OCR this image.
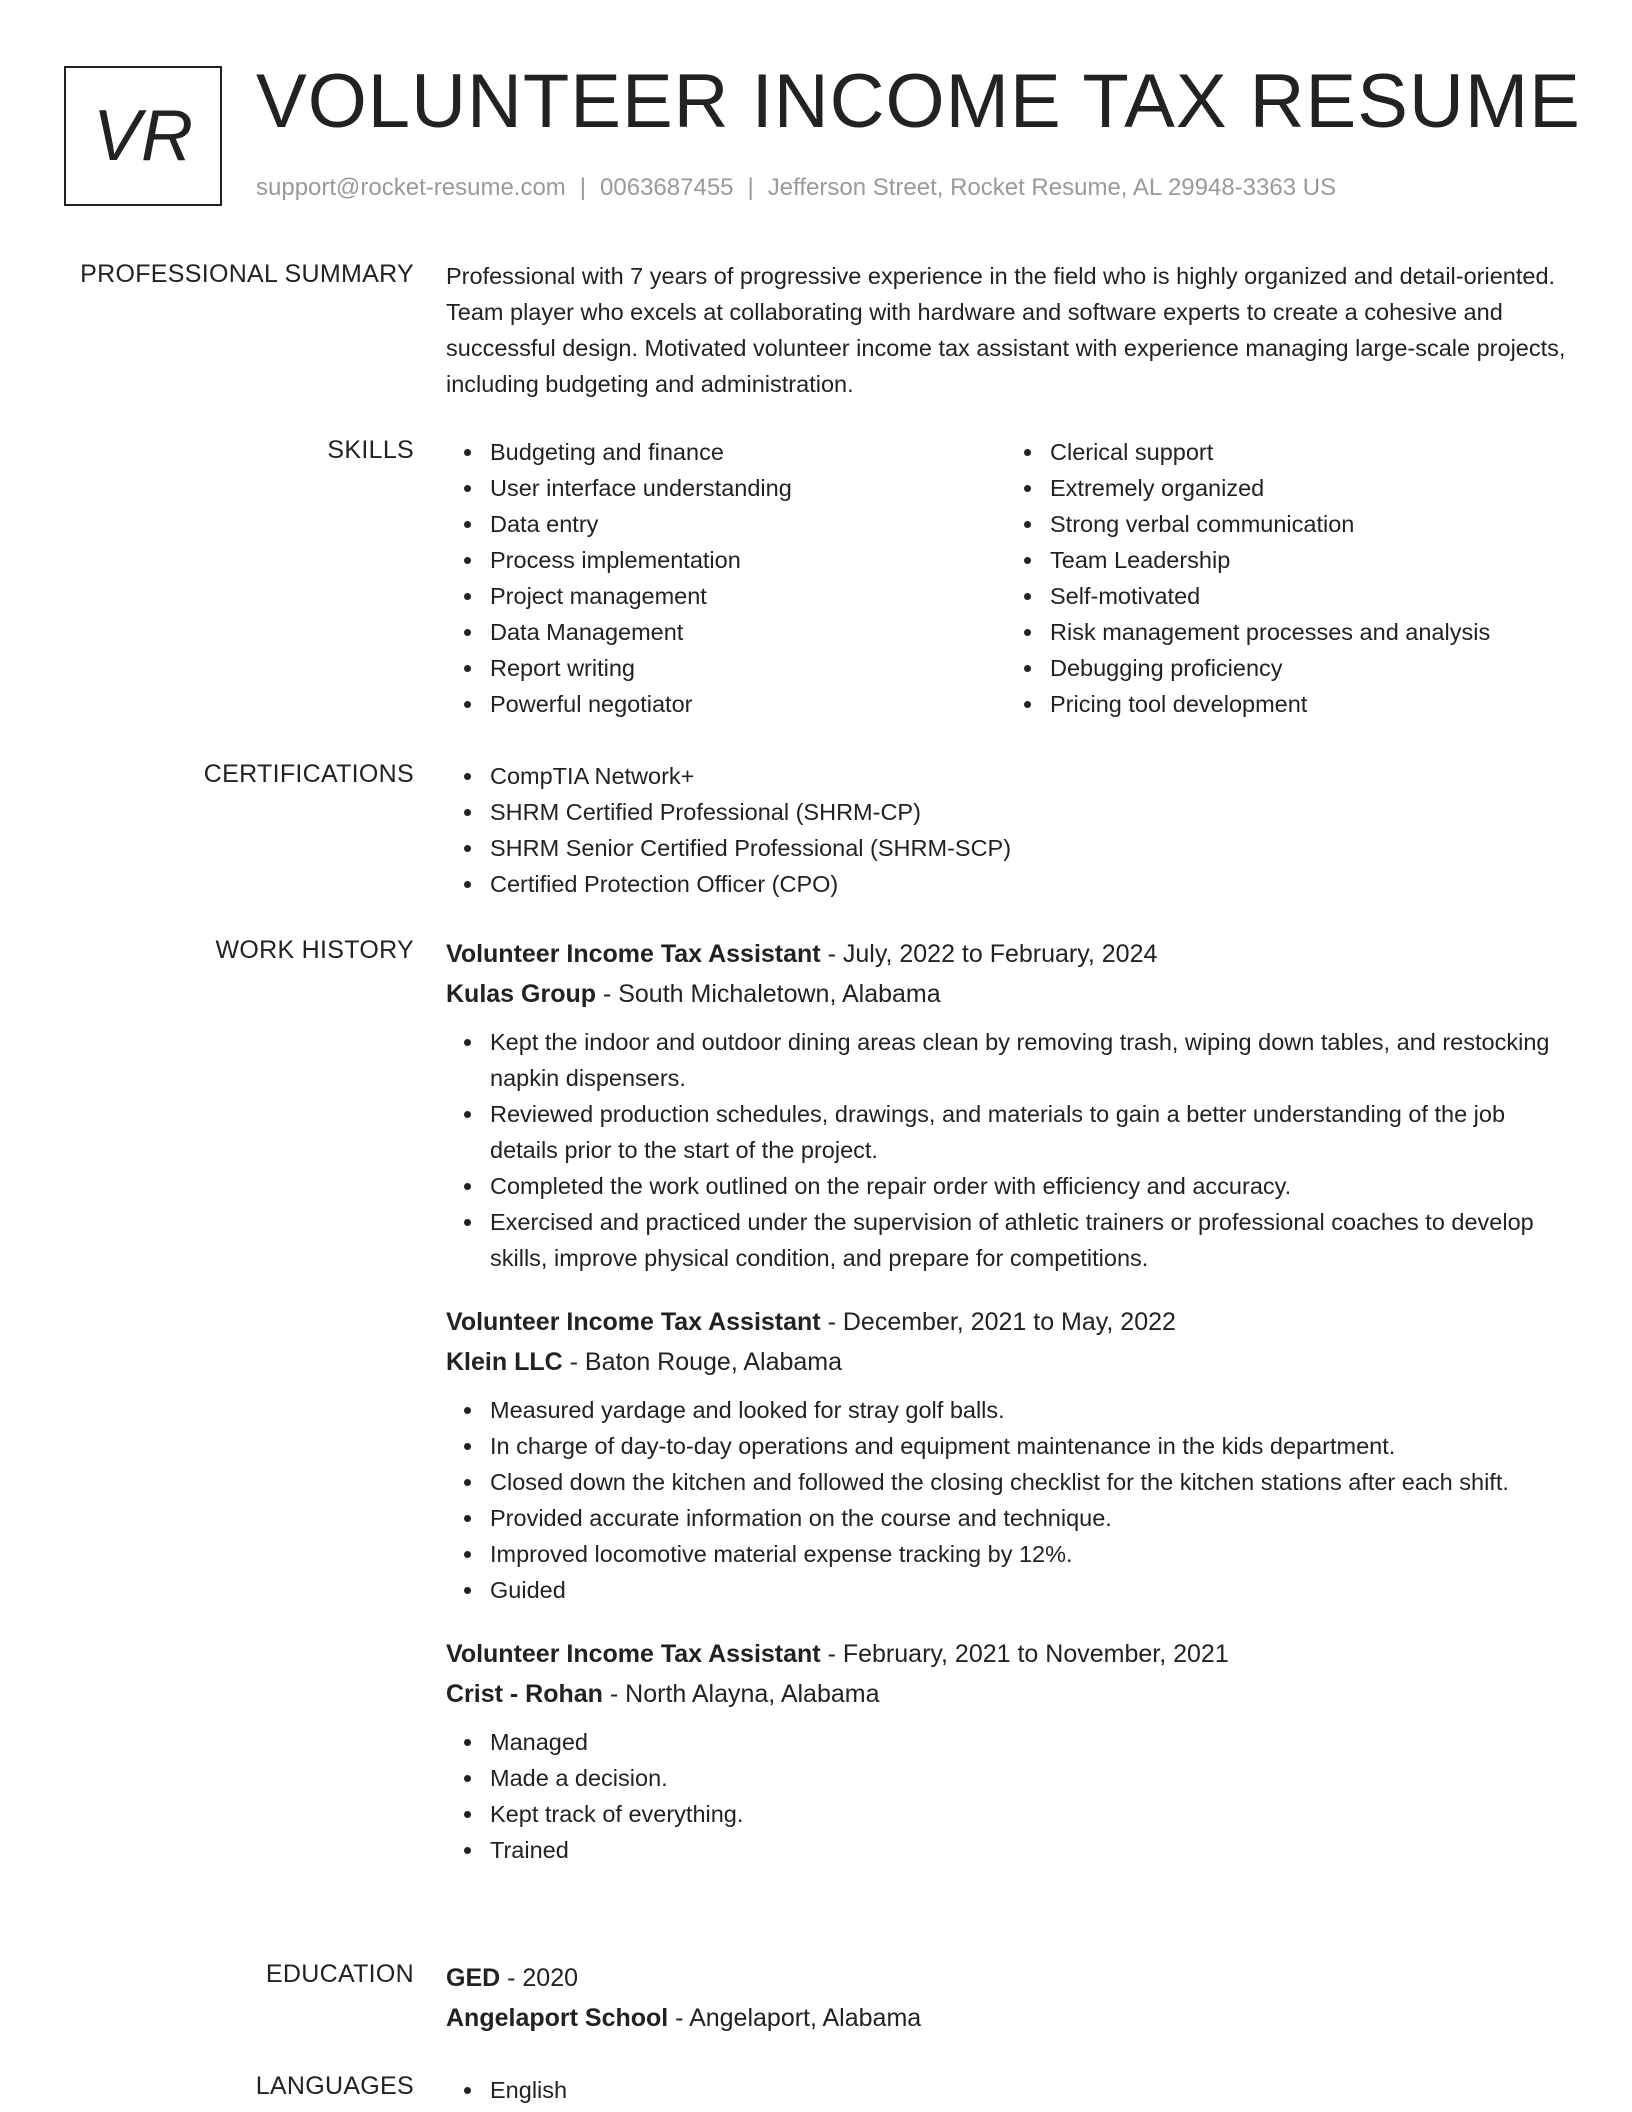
VR VOLUNTEER INCOME TAX RESUME
support@rocket-resume.com | 0063687455 | Jefferson Street, Rocket Resume, AL 29948-3363 US
PROFESSIONAL SUMMARY Professional with 7 years of progressive experience in the field who is highly organized and detail-oriented. Team player who excels at collaborating with hardware and software experts to create a cohesive and successful design. Motivated volunteer income tax assistant with experience managing large-scale projects, including budgeting and administration.
SKILLS	Budgeting and finance
User interface understanding
Data entry
Process implementation
Project management
Data Management
Report writing
Powerful negotiator
Clerical support
Extremely organized
Strong verbal communication
Team Leadership
Self-motivated
Risk management processes and analysis
Debugging proficiency
Pricing tool development
CERTIFICATIONS	CompTIA Network+
SHRM Certified Professional (SHRM-CP)
SHRM Senior Certified Professional (SHRM-SCP)
Certified Protection Officer (CPO)
WORK HISTORY Volunteer Income Tax Assistant - July, 2022 to February, 2024
Kulas Group - South Michaletown, Alabama
Kept the indoor and outdoor dining areas clean by removing trash, wiping down tables, and restocking napkin dispensers.
Reviewed production schedules, drawings, and materials to gain a better understanding of the job details prior to the start of the project.
Completed the work outlined on the repair order with efficiency and accuracy.
Exercised and practiced under the supervision of athletic trainers or professional coaches to develop skills, improve physical condition, and prepare for competitions.
Volunteer Income Tax Assistant - December, 2021 to May, 2022
Klein LLC - Baton Rouge, Alabama
Measured yardage and looked for stray golf balls.
In charge of day-to-day operations and equipment maintenance in the kids department.
Closed down the kitchen and followed the closing checklist for the kitchen stations after each shift.
Provided accurate information on the course and technique.
Improved locomotive material expense tracking by 12%.
Guided
Volunteer Income Tax Assistant - February, 2021 to November, 2021
Crist - Rohan - North Alayna, Alabama
Managed
Made a decision.
Kept track of everything.
Trained
EDUCATION GED - 2020
Angelaport School - Angelaport, Alabama
LANGUAGES	English
